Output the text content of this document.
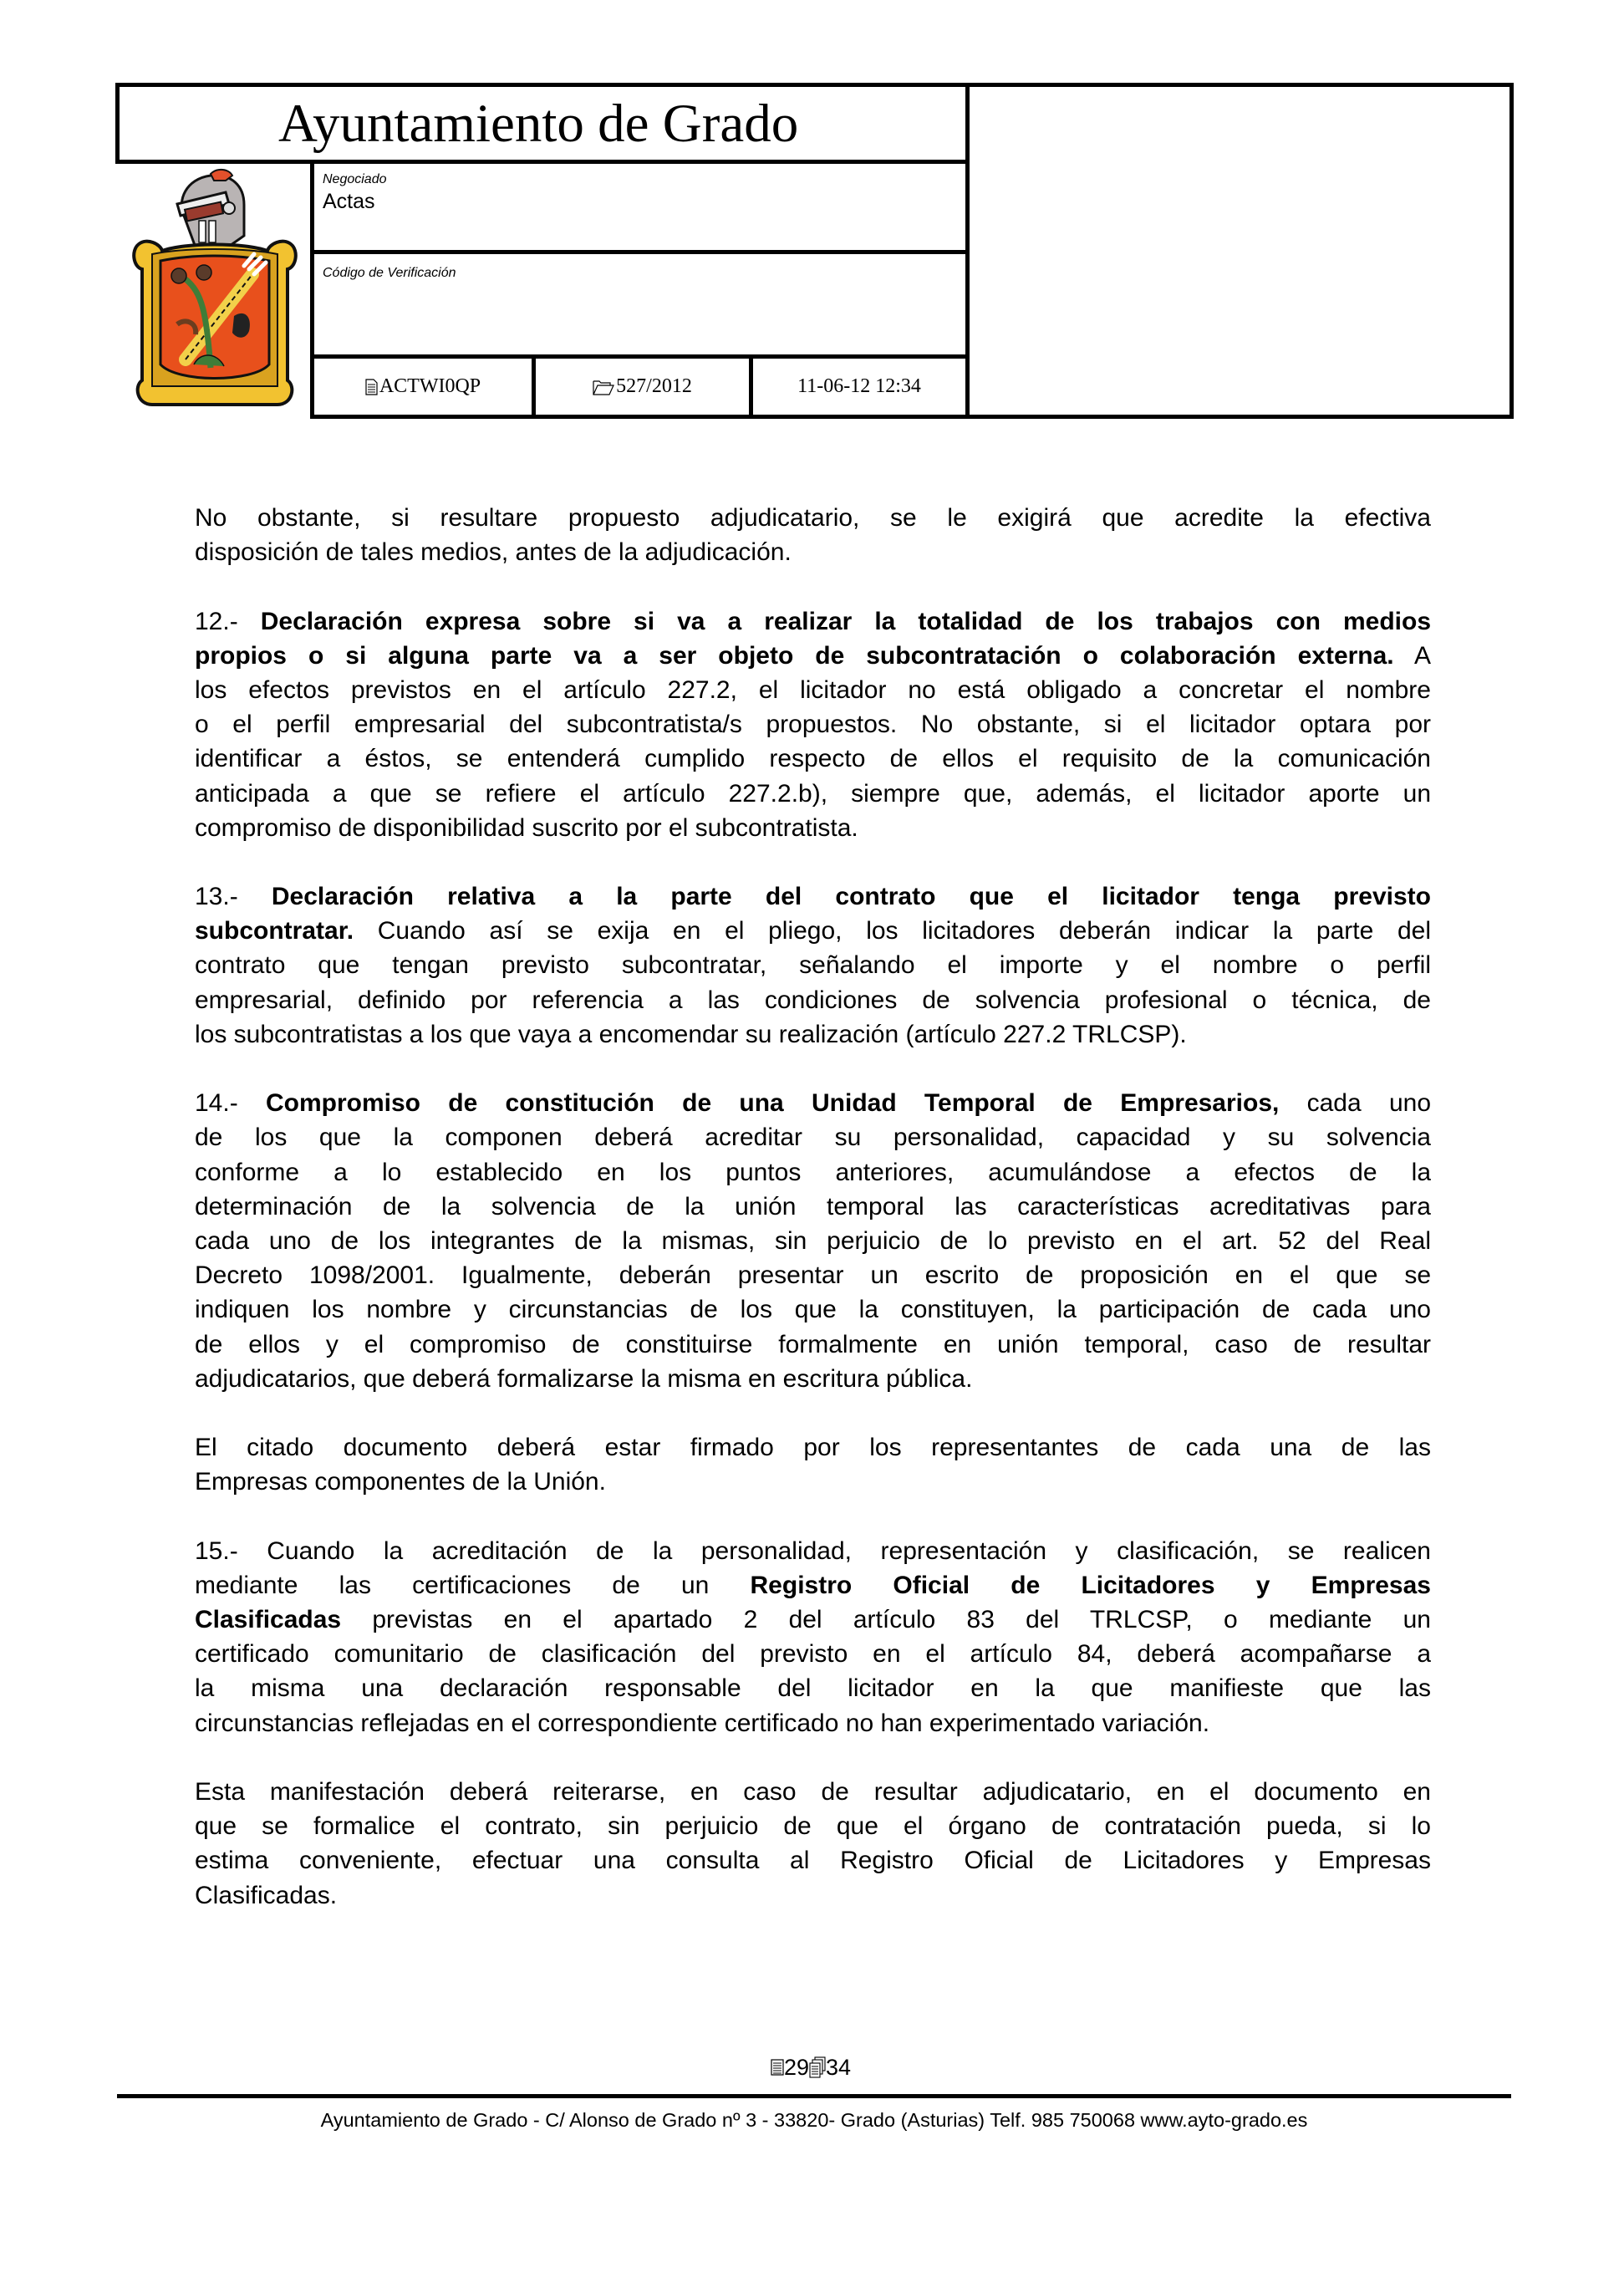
Ayuntamiento de Grado
Negociado
Actas
Código de Verificación
ACTWI0QP	527/2012	11-06-12 12:34
No obstante, si resultare propuesto adjudicatario, se le exigirá que acredite la efectiva
disposición de tales medios, antes de la adjudicación.
12.- Declaración expresa sobre si va a realizar la totalidad de los trabajos con medios
propios o si alguna parte va a ser objeto de subcontratación o colaboración externa. A
los efectos previstos en el artículo 227.2, el licitador no está obligado a concretar el nombre
o el perfil empresarial del subcontratista/s propuestos. No obstante, si el licitador optara por
identificar a éstos, se entenderá cumplido respecto de ellos el requisito de la comunicación
anticipada a que se refiere el artículo 227.2.b), siempre que, además, el licitador aporte un
compromiso de disponibilidad suscrito por el subcontratista.
13.- Declaración relativa a la parte del contrato que el licitador tenga previsto
subcontratar. Cuando así se exija en el pliego, los licitadores deberán indicar la parte del
contrato que tengan previsto subcontratar, señalando el importe y el nombre o perfil
empresarial, definido por referencia a las condiciones de solvencia profesional o técnica, de
los subcontratistas a los que vaya a encomendar su realización (artículo 227.2 TRLCSP).
14.- Compromiso de constitución de una Unidad Temporal de Empresarios, cada uno
de los que la componen deberá acreditar su personalidad, capacidad y su solvencia
conforme a lo establecido en los puntos anteriores, acumulándose a efectos de la
determinación de la solvencia de la unión temporal las características acreditativas para
cada uno de los integrantes de la mismas, sin perjuicio de lo previsto en el art. 52 del Real
Decreto 1098/2001. Igualmente, deberán presentar un escrito de proposición en el que se
indiquen los nombre y circunstancias de los que la constituyen, la participación de cada uno
de ellos y el compromiso de constituirse formalmente en unión temporal, caso de resultar
adjudicatarios, que deberá formalizarse la misma en escritura pública.
El citado documento deberá estar firmado por los representantes de cada una de las
Empresas componentes de la Unión.
15.- Cuando la acreditación de la personalidad, representación y clasificación, se realicen
mediante las certificaciones de un Registro Oficial de Licitadores y Empresas
Clasificadas previstas en el apartado 2 del artículo 83 del TRLCSP, o mediante un
certificado comunitario de clasificación del previsto en el artículo 84, deberá acompañarse a
la misma una declaración responsable del licitador en la que manifieste que las
circunstancias reflejadas en el correspondiente certificado no han experimentado variación.
Esta manifestación deberá reiterarse, en caso de resultar adjudicatario, en el documento en
que se formalice el contrato, sin perjuicio de que el órgano de contratación pueda, si lo
estima conveniente, efectuar una consulta al Registro Oficial de Licitadores y Empresas
Clasificadas.
29 34
Ayuntamiento de Grado - C/ Alonso de Grado nº 3 - 33820- Grado (Asturias) Telf. 985 750068 www.ayto-grado.es
